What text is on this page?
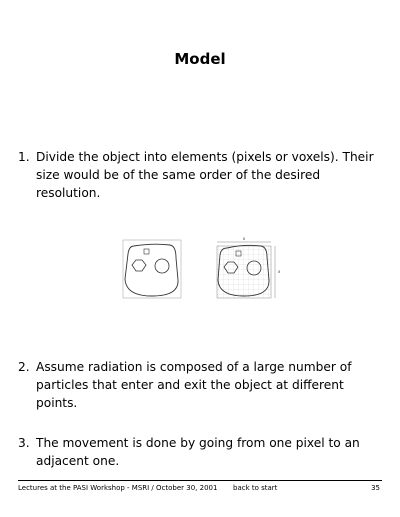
Model
1. Divide the object into elements (pixels or voxels). Their size would be of the same order of the desired resolution.
x
x
2. Assume radiation is composed of a large number of particles that enter and exit the object at different points.
3. The movement is done by going from one pixel to an adjacent one.
Lectures at the PASI Workshop - MSRI / October 30, 2001 back to start	35
